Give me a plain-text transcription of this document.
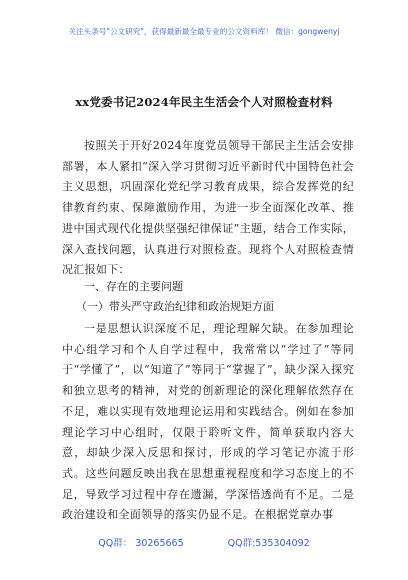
关注头条号"公文研究"，获得最新最全最专业的公文资料库！ 微信：gongwenyj
xx党委书记2024年民主生活会个人对照检查材料
按照关于开好2024年度党员领导干部民主生活会安排部署，本人紧扣“深入学习贯彻习近平新时代中国特色社会主义思想，巩固深化党纪学习教育成果，综合发挥党的纪律教育约束、保障激励作用，为进一步全面深化改革、推进中国式现代化提供坚强纪律保证”主题，结合工作实际，深入查找问题，认真进行对照检查。现将个人对照检查情况汇报如下：
一、存在的主要问题
（一）带头严守政治纪律和政治规矩方面
一是思想认识深度不足，理论理解欠缺。在参加理论中心组学习和个人自学过程中，我常常以“学过了”等同于“学懂了”，以“知道了”等同于“掌握了”，缺少深入探究和独立思考的精神，对党的创新理论的深化理解依然存在不足，难以实现有效地理论运用和实践结合。例如在参加理论学习中心组时，仅限于聆听文件，简单获取内容大意，却缺少深入反思和探讨，形成的学习笔记亦流于形式。这些问题反映出我在思想重视程度和学习态度上的不足，导致学习过程中存在遗漏，学深悟透尚有不足。二是政治建设和全面领导的落实仍显不足。在根据党章办事
QQ群： 30265665	QQ群:535304092
